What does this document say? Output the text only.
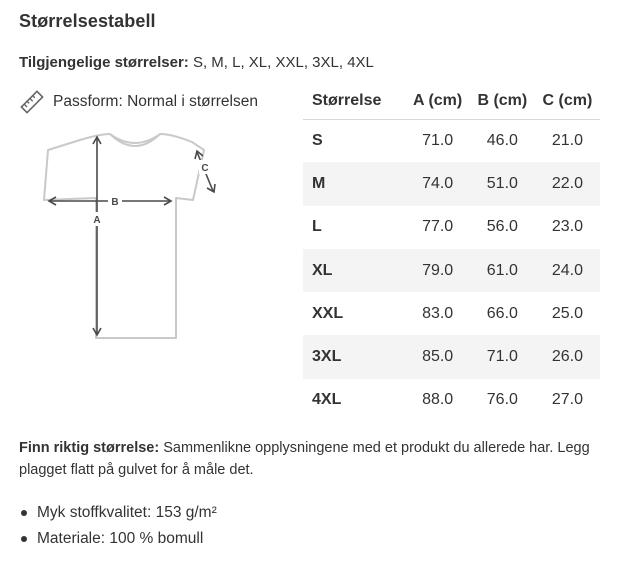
Størrelsestabell
Tilgjengelige størrelser: S, M, L, XL, XXL, 3XL, 4XL
Passform: Normal i størrelsen
A
B
C
Størrelse	A (cm)	B (cm)	C (cm)
S	71.0	46.0	21.0
M	74.0	51.0	22.0
L	77.0	56.0	23.0
XL	79.0	61.0	24.0
XXL	83.0	66.0	25.0
3XL	85.0	71.0	26.0
4XL	88.0	76.0	27.0
Finn riktig størrelse: Sammenlikne opplysningene med et produkt du allerede har. Legg plagget flatt på gulvet for å måle det.
Myk stoffkvalitet: 153 g/m²
Materiale: 100 % bomull
